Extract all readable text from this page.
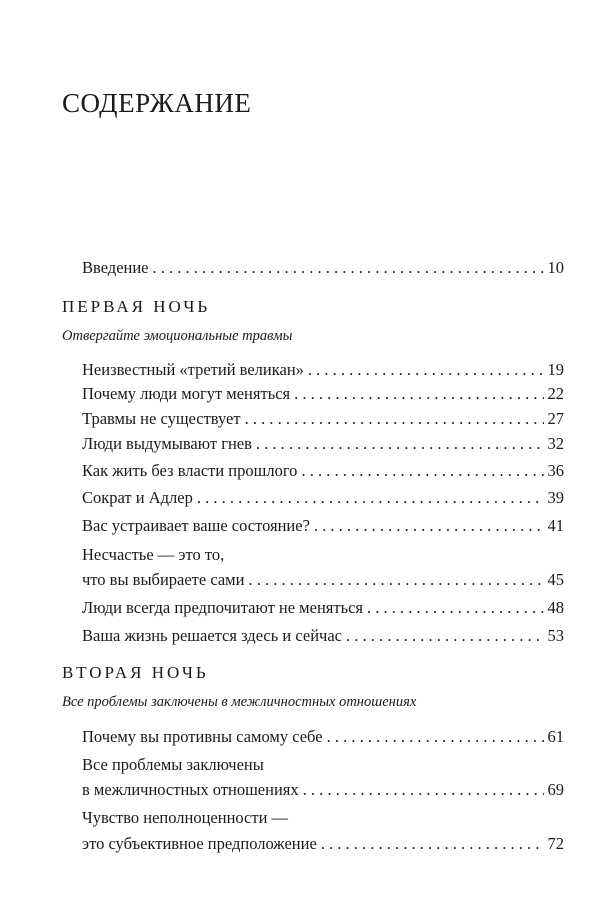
СОДЕРЖАНИЕ
Введение . . .	10
ПЕРВАЯ НОЧЬ
Отвергайте эмоциональные травмы
Неизвестный «третий великан» . . .	19
Почему люди могут меняться . . .	22
Травмы не существует . . .	27
Люди выдумывают гнев . . .	32
Как жить без власти прошлого . . .	36
Сократ и Адлер . . .	39
Вас устраивает ваше состояние? . . .	41
Несчастье — это то,
что вы выбираете сами . . .	45
Люди всегда предпочитают не меняться . . .	48
Ваша жизнь решается здесь и сейчас . . .	53
ВТОРАЯ НОЧЬ
Все проблемы заключены в межличностных отношениях
Почему вы противны самому себе . . .	61
Все проблемы заключены
в межличностных отношениях . . .	69
Чувство неполноценности —
это субъективное предположение . . .	72
